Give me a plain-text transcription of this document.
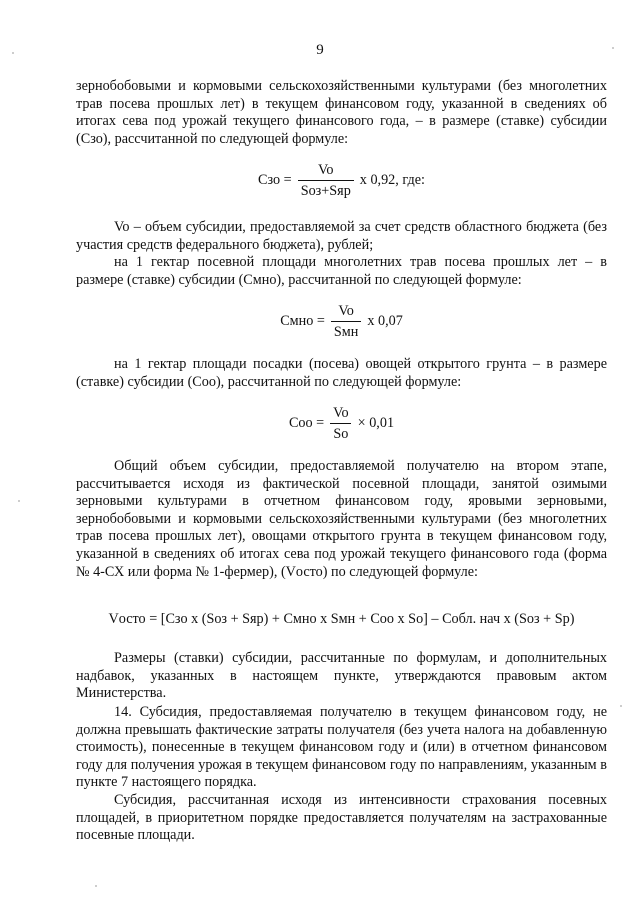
9

зернобобовыми и кормовыми сельскохозяйственными культурами (без многолетних трав посева прошлых лет) в текущем финансовом году, указанной в сведениях об итогах сева под урожай текущего финансового года, – в размере (ставке) субсидии (Сзо), рассчитанной по следующей формуле:

Сзо = $\frac{Vo}{\text{Sоз+Sяр}}$ x 0,92, где:

Vo – объем субсидии, предоставляемой за счет средств областного бюджета (без участия средств федерального бюджета), рублей;

на 1 гектар посевной площади многолетних трав посева прошлых лет – в размере (ставке) субсидии (Смно), рассчитанной по следующей формуле:

Смно = $\frac{Vo}{\text{Sмн}}$ x 0,07

на 1 гектар площади посадки (посева) овощей открытого грунта – в размере (ставке) субсидии (Соо), рассчитанной по следующей формуле:

Соо = $\frac{Vo}{So} \times 0,01$

Общий объем субсидии, предоставляемой получателю на втором этапе, рассчитывается исходя из фактической посевной площади, занятой озимыми зерновыми культурами в отчетном финансовом году, яровыми зерновыми, зернобобовыми и кормовыми сельскохозяйственными культурами (без многолетних трав посева прошлых лет), овощами открытого грунта в текущем финансовом году, указанной в сведениях об итогах сева под урожай текущего финансового года (форма № 4-СХ или форма № 1-фермер), (Vосто) по следующей формуле:

Vосто = [Сзо x (Sоз + Sяр) + Смно x Sмн + Соо x So] – Собл. нач x (Sоз + Sp)

Размеры (ставки) субсидии, рассчитанные по формулам, и дополнительных надбавок, указанных в настоящем пункте, утверждаются правовым актом Министерства.

14. Субсидия, предоставляемая получателю в текущем финансовом году, не должна превышать фактические затраты получателя (без учета налога на добавленную стоимость), понесенные в текущем финансовом году и (или) в отчетном финансовом году для получения урожая в текущем финансовом году по направлениям, указанным в пункте 7 настоящего порядка.

Субсидия, рассчитанная исходя из интенсивности страхования посевных площадей, в приоритетном порядке предоставляется получателям на застрахованные посевные площади.
